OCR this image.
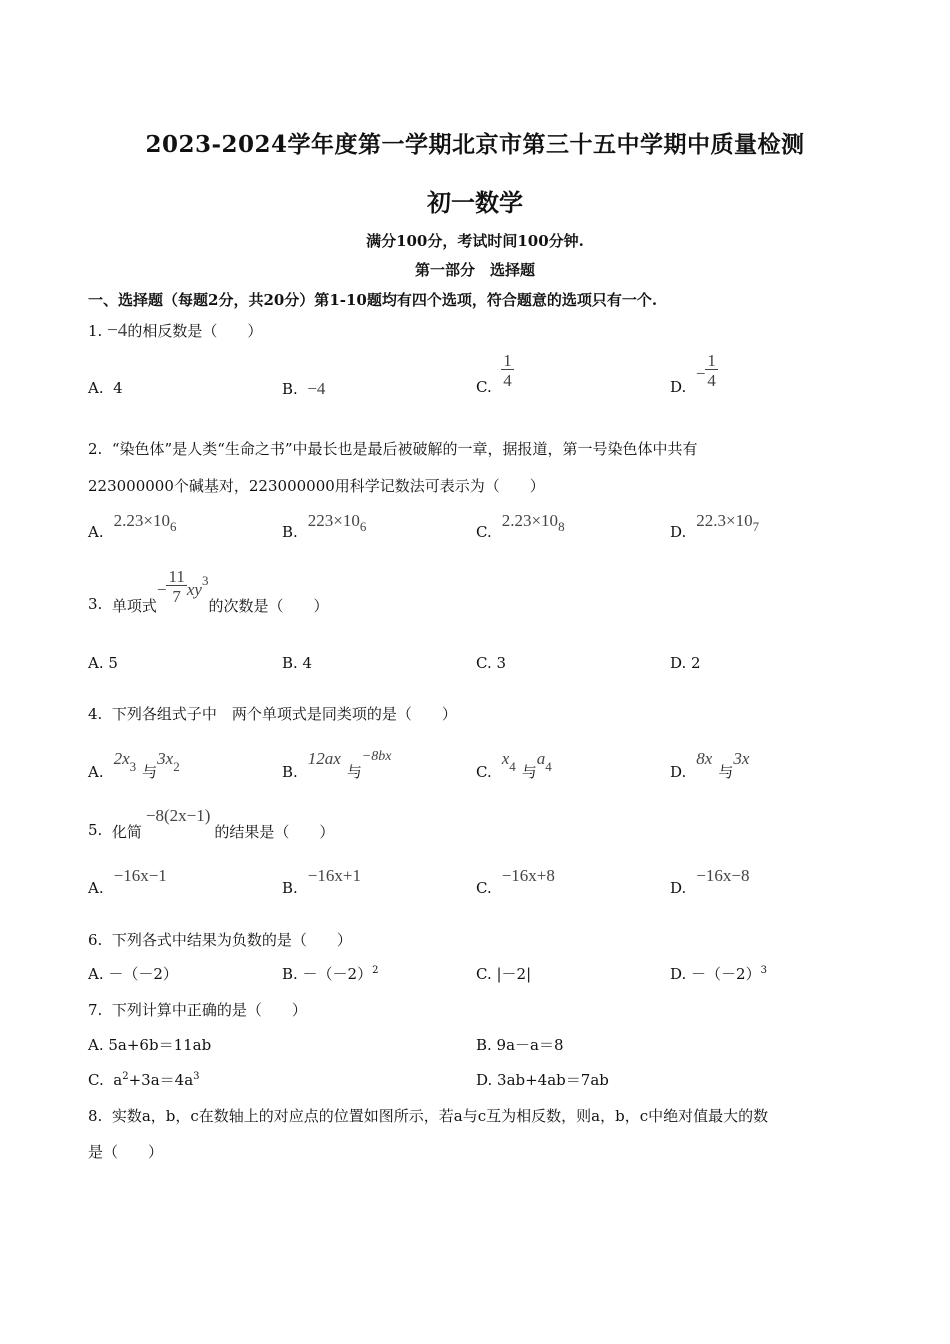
2023-2024学年度第一学期北京市第三十五中学期中质量检测
初一数学
满分100分，考试时间100分钟.
第一部分　选择题
一、选择题（每题2分，共20分）第1-10题均有四个选项，符合题意的选项只有一个.
1. −4的相反数是（　　）
A. 4	B. −4	C. $\frac{1}{4}$	D.  − $\frac{1}{4}$
2. “染色体”是人类“生命之书”中最长也是最后被破解的一章，据报道，第一号染色体中共有
223000000个碱基对，223000000用科学记数法可表示为（　　）
$A.2.23\times 10^6$	$B.223\times 10^6$	$C.2.23\times 10^8$	$D.22.3\times 10^7$
3. 单项式− $\frac{11}{7} xy^3$的次数是（　　）
A. 5	B. 4	C. 3	D. 2
4. 下列各组式子中　两个单项式是同类项的是（　　）
$A.2x^3$ 与$3x^2$	B.12ax与−8bx
$C.x^4$ 与$a^4$	D.8x与3x
5. 化简−8(2x−1)的结果是（　　）
A.−16x−1
B.−16x+1
C.−16x+8
D.−16x−8
6. 下列各式中结果为负数的是（　　）
A. －（－2）	B. $-(-2)^2$	C. |－2|	D. $-(-2)^3$
7. 下列计算中正确的是（　　）
A. 5a+6b＝11ab	B. 9a－a＝8
C. $a^2+3a=4a^3$	D. 3ab+4ab＝7ab
8. 实数a，b，c在数轴上的对应点的位置如图所示，若a与c互为相反数，则a，b，c中绝对值最大的数
是（　　）
